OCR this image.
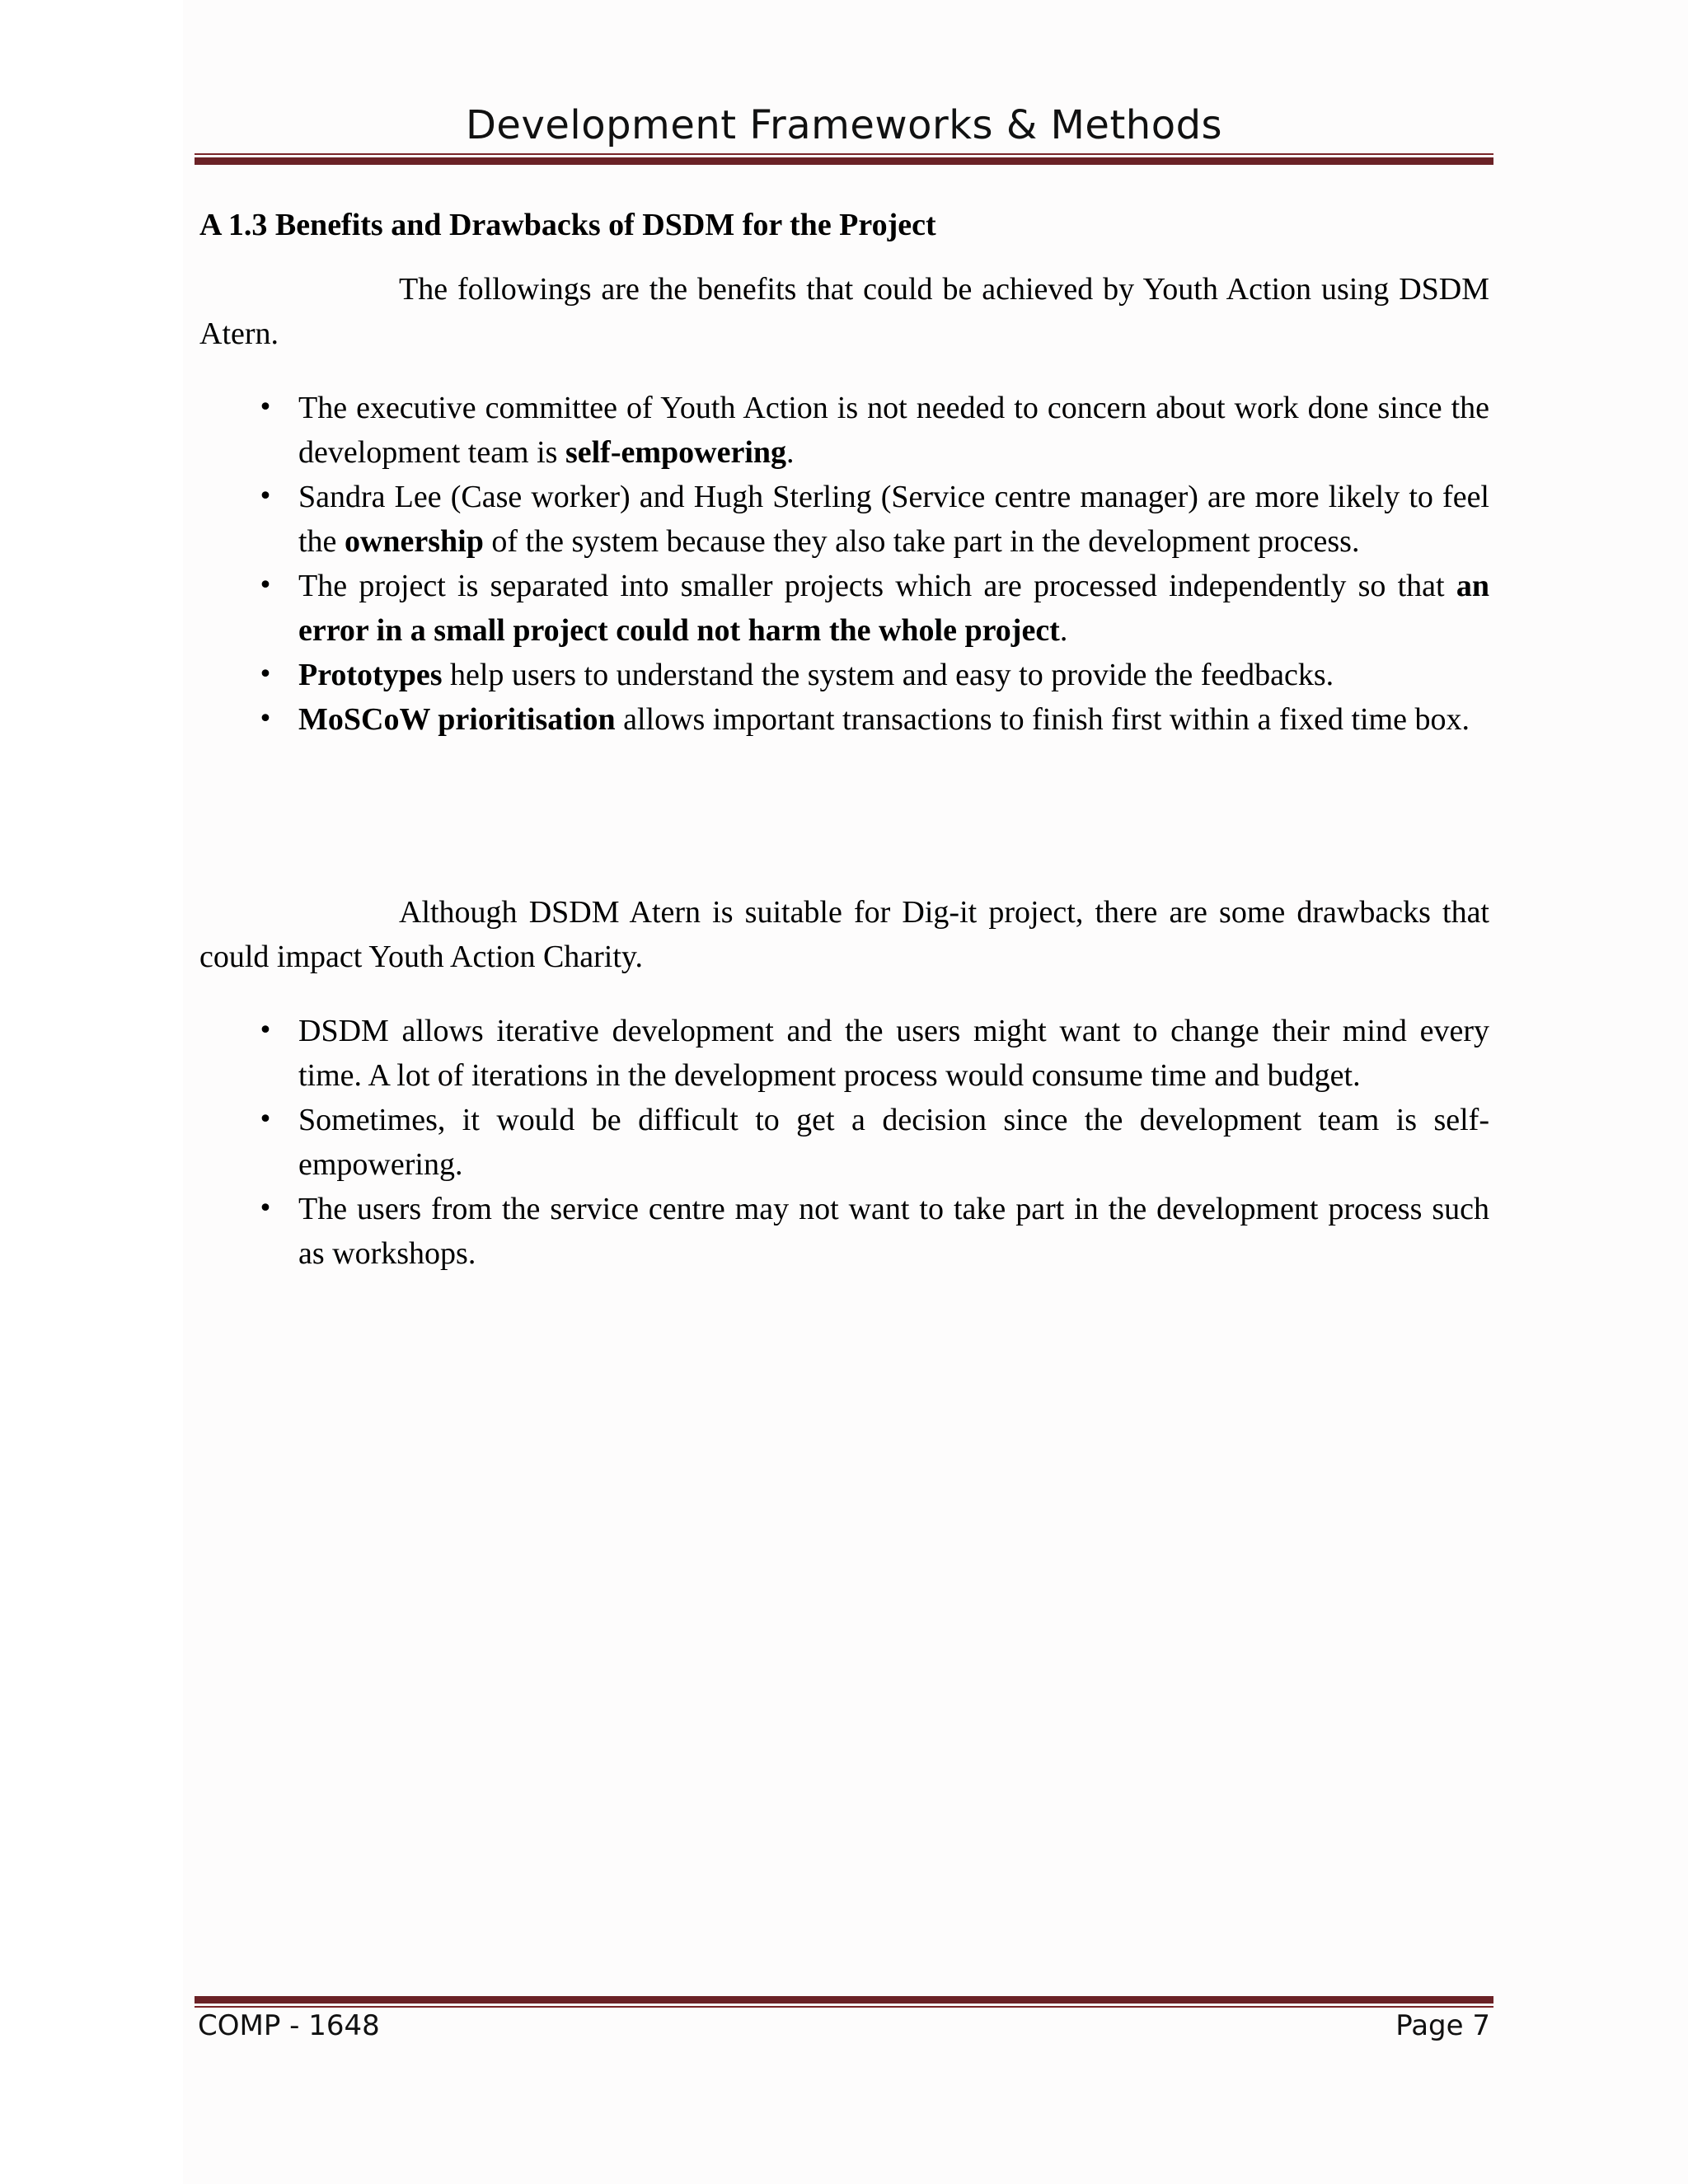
Development Frameworks & Methods
A 1.3 Benefits and Drawbacks of DSDM for the Project

The followings are the benefits that could be achieved by Youth Action using DSDM Atern.

• The executive committee of Youth Action is not needed to concern about work done since the development team is self-empowering.
• Sandra Lee (Case worker) and Hugh Sterling (Service centre manager) are more likely to feel the ownership of the system because they also take part in the development process.
• The project is separated into smaller projects which are processed independently so that an error in a small project could not harm the whole project.
• Prototypes help users to understand the system and easy to provide the feedbacks.
• MoSCoW prioritisation allows important transactions to finish first within a fixed time box.

Although DSDM Atern is suitable for Dig-it project, there are some drawbacks that could impact Youth Action Charity.

• DSDM allows iterative development and the users might want to change their mind every time. A lot of iterations in the development process would consume time and budget.
• Sometimes, it would be difficult to get a decision since the development team is self-empowering.
• The users from the service centre may not want to take part in the development process such as workshops.
COMP - 1648	Page 7
